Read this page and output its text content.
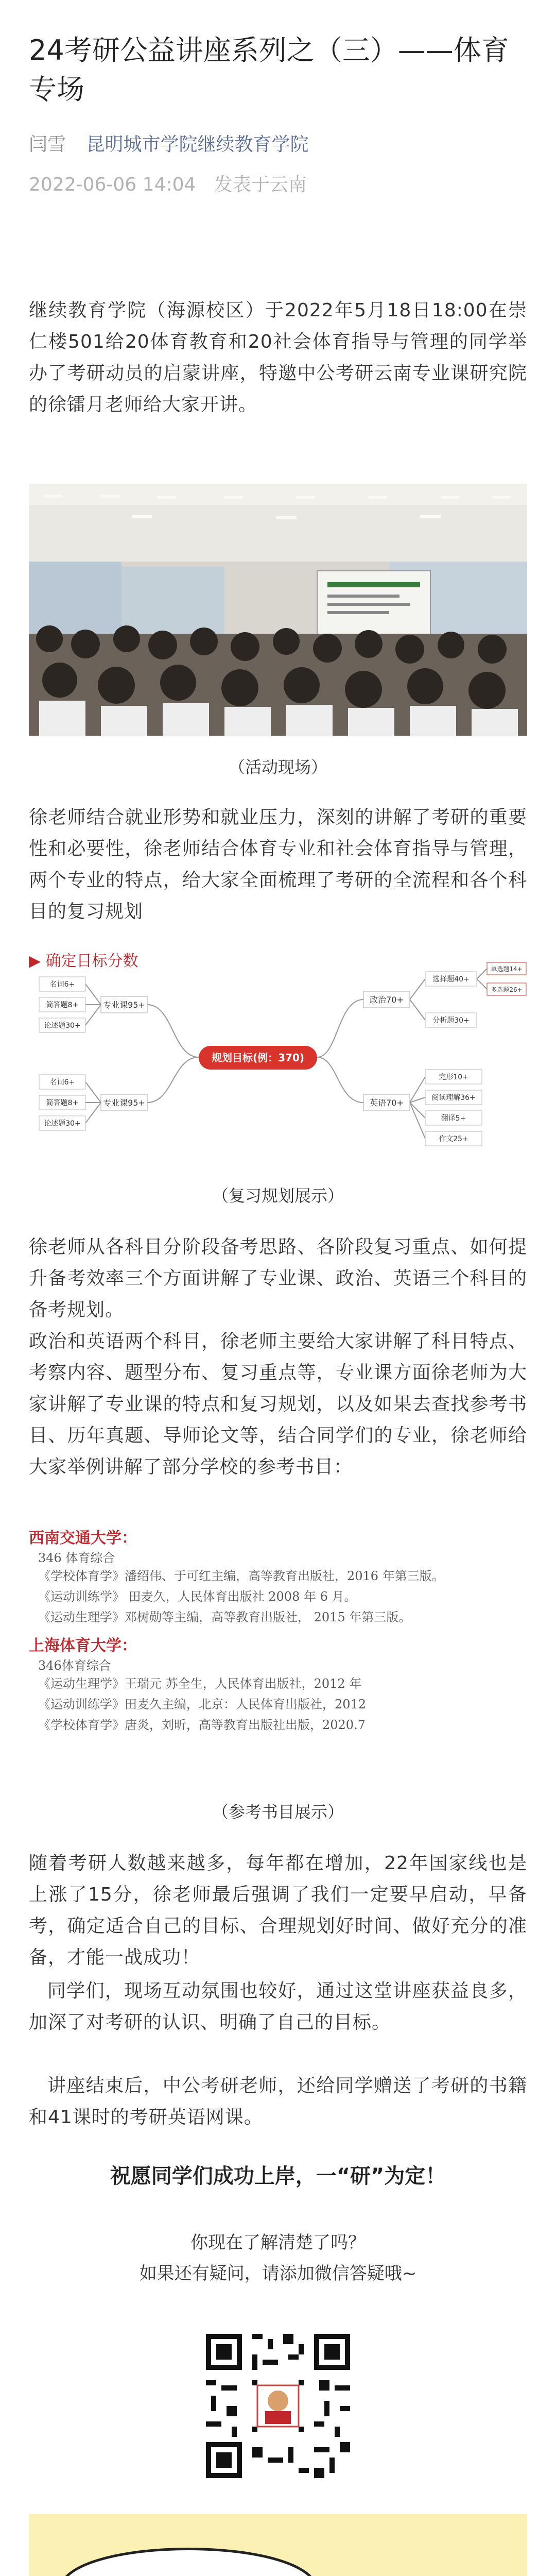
24考研公益讲座系列之（三）——体育专场
闫雪 昆明城市学院继续教育学院
2022-06-06 14:04 发表于云南

继续教育学院（海源校区）于2022年5月18日18:00在崇仁楼501给20体育教育和20社会体育指导与管理的同学举办了考研动员的启蒙讲座，特邀中公考研云南专业课研究院的徐镭月老师给大家开讲。

（活动现场）

徐老师结合就业形势和就业压力，深刻的讲解了考研的重要性和必要性，徐老师结合体育专业和社会体育指导与管理，两个专业的特点，给大家全面梳理了考研的全流程和各个科目的复习规划

▶ 确定目标分数
规划目标(例：370)
专业课95+
专业课95+
政治70+
英语70+
名词6+
简答题8+
论述题30+
名词6+
简答题8+
论述题30+
选择题40+
分析题30+
单选题14+
多选题26+
完形10+
阅读理解36+
翻译5+
作文25+
（复习规划展示）

徐老师从各科目分阶段备考思路、各阶段复习重点、如何提升备考效率三个方面讲解了专业课、政治、英语三个科目的备考规划。

政治和英语两个科目，徐老师主要给大家讲解了科目特点、考察内容、题型分布、复习重点等，专业课方面徐老师为大家讲解了专业课的特点和复习规划，以及如果去查找参考书目、历年真题、导师论文等，结合同学们的专业，徐老师给大家举例讲解了部分学校的参考书目：

西南交通大学：
346 体育综合
《学校体育学》潘绍伟、于可红主编，高等教育出版社，2016 年第三版。
《运动训练学》 田麦久，人民体育出版社 2008 年 6 月。
《运动生理学》邓树勋等主编，高等教育出版社， 2015 年第三版。
上海体育大学：
346体育综合
《运动生理学》王瑞元 苏全生，人民体育出版社，2012 年
《运动训练学》田麦久主编，北京：人民体育出版社，2012
《学校体育学》唐炎，刘昕，高等教育出版社出版，2020.7
（参考书目展示）

随着考研人数越来越多，每年都在增加，22年国家线也是上涨了15分，徐老师最后强调了我们一定要早启动，早备考，确定适合自己的目标、合理规划好时间、做好充分的准备，才能一战成功！

同学们，现场互动氛围也较好，通过这堂讲座获益良多，加深了对考研的认识、明确了自己的目标。

讲座结束后，中公考研老师，还给同学赠送了考研的书籍和41课时的考研英语网课。

祝愿同学们成功上岸，一“研”为定！
你现在了解清楚了吗？
如果还有疑问，请添加微信答疑哦~
